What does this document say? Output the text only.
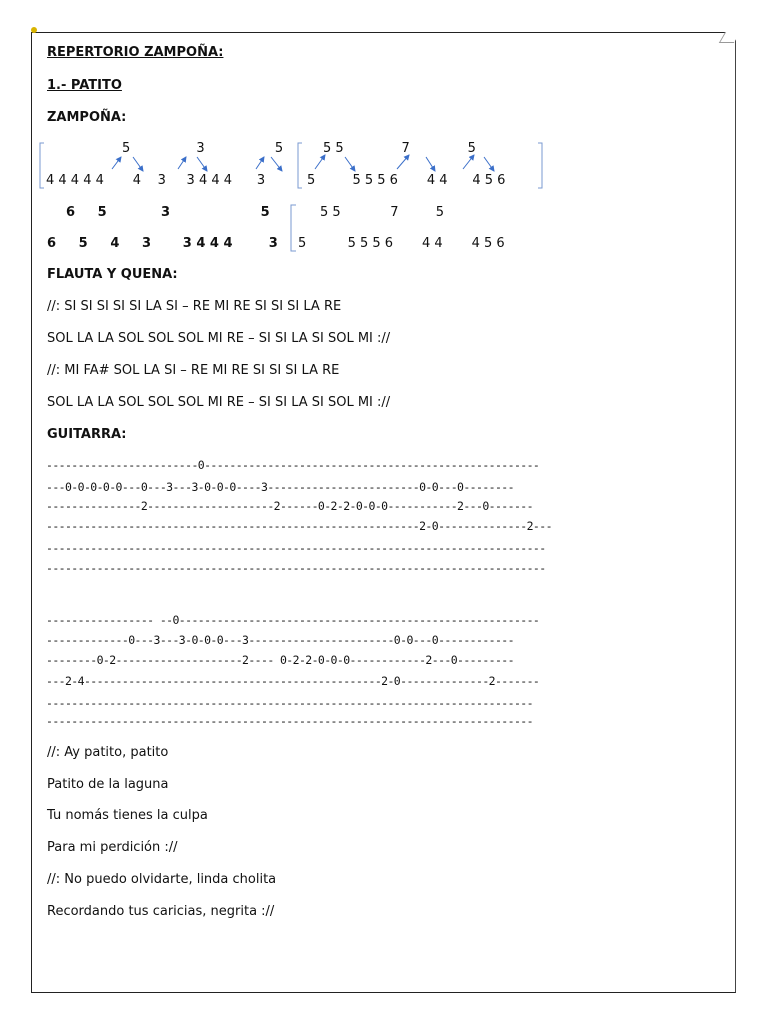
REPERTORIO ZAMPOÑA:
1.- PATITO
ZAMPOÑA:
5                3                 5	5 5              7              5
4 4 4 4 4       4    3     3 4 4 4      3	5         5 5 5 6       4 4      4 5 6
6     5            3                    5	5 5            7         5
6     5     4     3       3 4 4 4        3 5          5 5 5 6       4 4       4 5 6
FLAUTA Y QUENA:
//: SI SI SI SI SI LA SI – RE MI RE SI SI SI LA RE
SOL LA LA SOL SOL SOL MI RE – SI SI LA SI SOL MI ://
//: MI FA# SOL LA SI – RE MI RE SI SI SI LA RE
SOL LA LA SOL SOL SOL MI RE – SI SI LA SI SOL MI ://
GUITARRA:
------------------------0-----------------------------------------------------
---0-0-0-0-0---0---3---3-0-0-0----3------------------------0-0---0--------
---------------2--------------------2------0-2-2-0-0-0-----------2---0-------
-----------------------------------------------------------2-0--------------2---
-------------------------------------------------------------------------------
-------------------------------------------------------------------------------
----------------- --0---------------------------------------------------------
-------------0---3---3-0-0-0---3-----------------------0-0---0------------
--------0-2--------------------2---- 0-2-2-0-0-0------------2---0---------
---2-4-----------------------------------------------2-0--------------2-------
-----------------------------------------------------------------------------
-----------------------------------------------------------------------------
//: Ay patito, patito
Patito de la laguna
Tu nomás tienes la culpa
Para mi perdición ://
//: No puedo olvidarte, linda cholita
Recordando tus caricias, negrita ://
